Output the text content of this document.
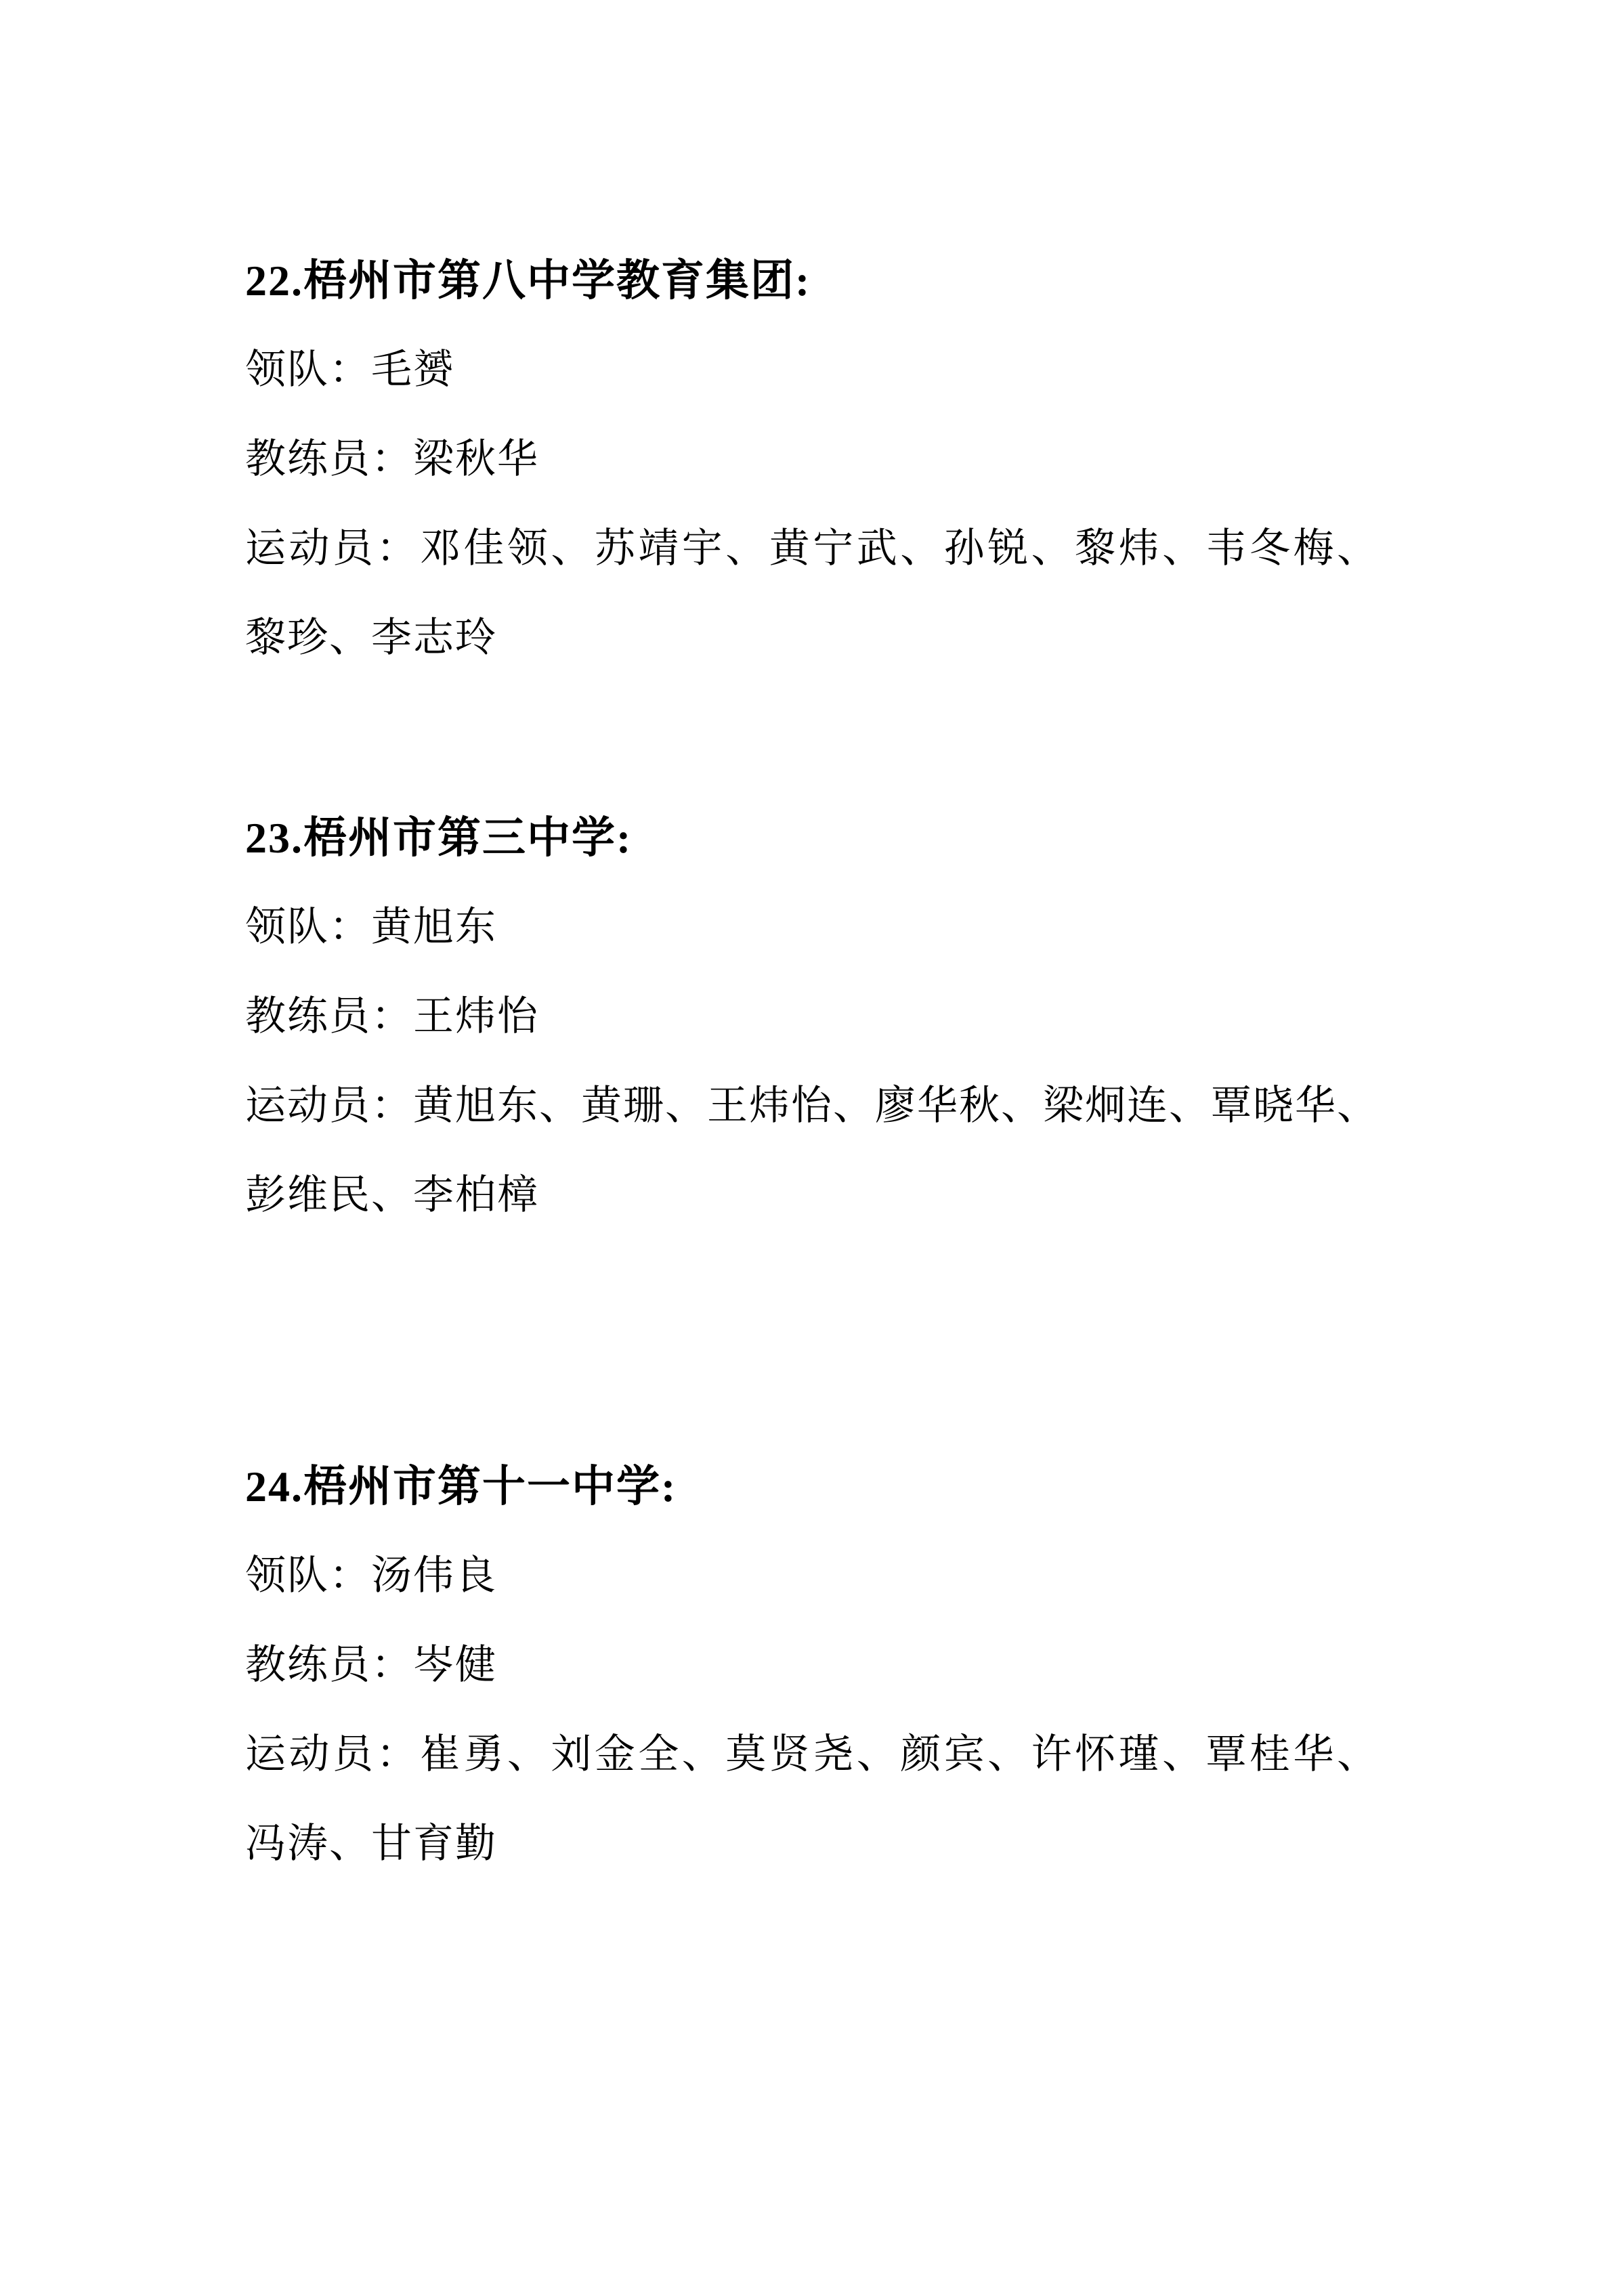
22.梧州市第八中学教育集团:

领队：毛赟

教练员：梁秋华

运动员：邓佳领、苏靖宇、黄宁武、孙锐、黎炜、韦冬梅、

黎珍、李志玲

23.梧州市第三中学:

领队：黄旭东

教练员：王炜怡

运动员：黄旭东、黄珊、王炜怡、廖华秋、梁炯连、覃晓华、

彭维民、李柏樟

24.梧州市第十一中学:

领队：汤伟良

教练员：岑健

运动员：崔勇、刘金全、莫贤尧、颜宾、许怀瑾、覃桂华、

冯涛、甘育勤
